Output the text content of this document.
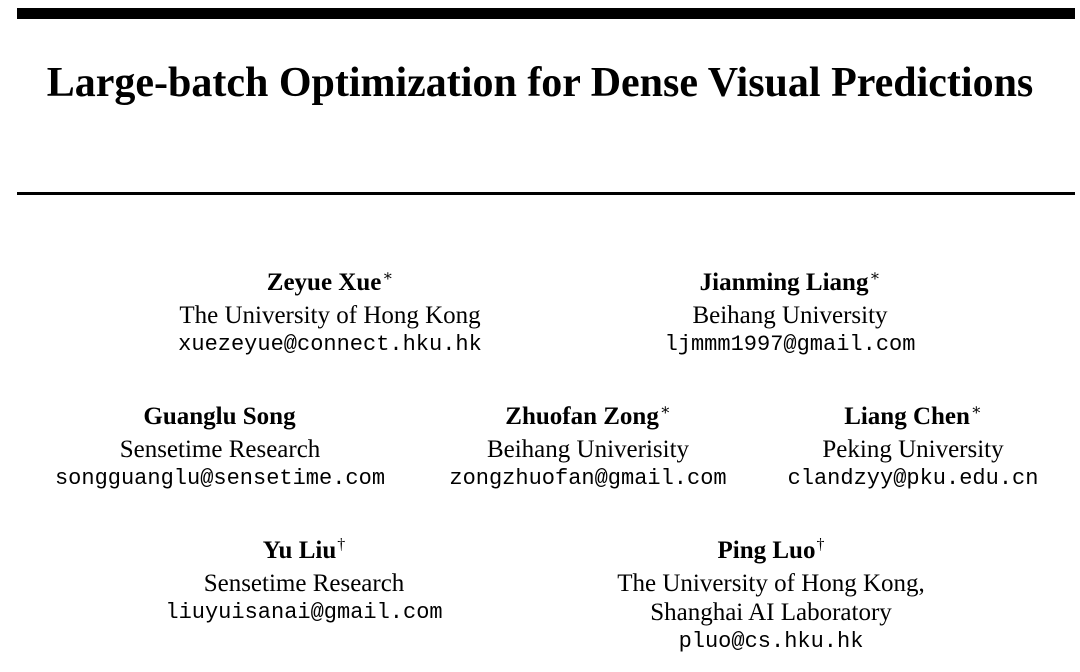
Large-batch Optimization for Dense Visual Predictions
Zeyue Xue∗
The University of Hong Kong
xuezeyue@connect.hku.hk
Jianming Liang∗
Beihang University
ljmmm1997@gmail.com
Guanglu Song
Sensetime Research
songguanglu@sensetime.com
Zhuofan Zong∗
Beihang Univerisity
zongzhuofan@gmail.com
Liang Chen∗
Peking University
clandzyy@pku.edu.cn
Yu Liu†
Sensetime Research
liuyuisanai@gmail.com
Ping Luo†
The University of Hong Kong,
Shanghai AI Laboratory
pluo@cs.hku.hk
